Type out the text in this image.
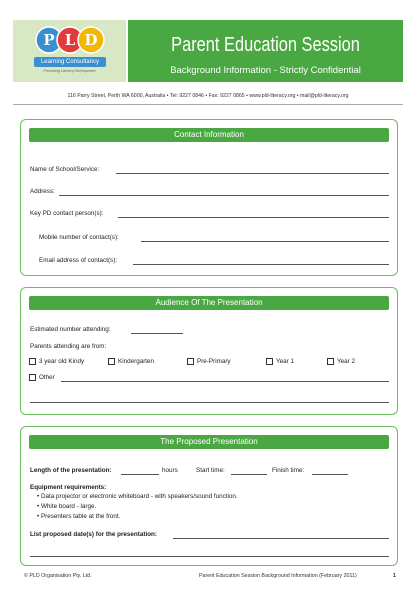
P L D
Learning Consultancy
Promoting Literacy Development
Parent Education Session
Background Information - Strictly Confidential
116 Parry Street, Perth WA 6000, Australia • Tel: 9227 0846 • Fax: 9227 0865 • www.pld-literacy.org • mail@pld-literacy.org
Contact Information
Name of School/Service:
Address:
Key PD contact person(s):
Mobile number of contact(s):
Email address of contact(s):
Audience Of The Presentation
Estimated number attending:
Parents attending are from:
3 year old Kindy	Kindergarten	Pre-Primary	Year 1	Year 2
Other
The Proposed Presentation
Length of the presentation:	hours	Start time:	Finish time:
Equipment requirements:
• Data projector or electronic whiteboard - with speakers/sound function.
• White board - large.
• Presenters table at the front.
List proposed date(s) for the presentation:
© PLD Organisation Pty. Ltd.	Parent Education Session Background Information (February 2011)	1
